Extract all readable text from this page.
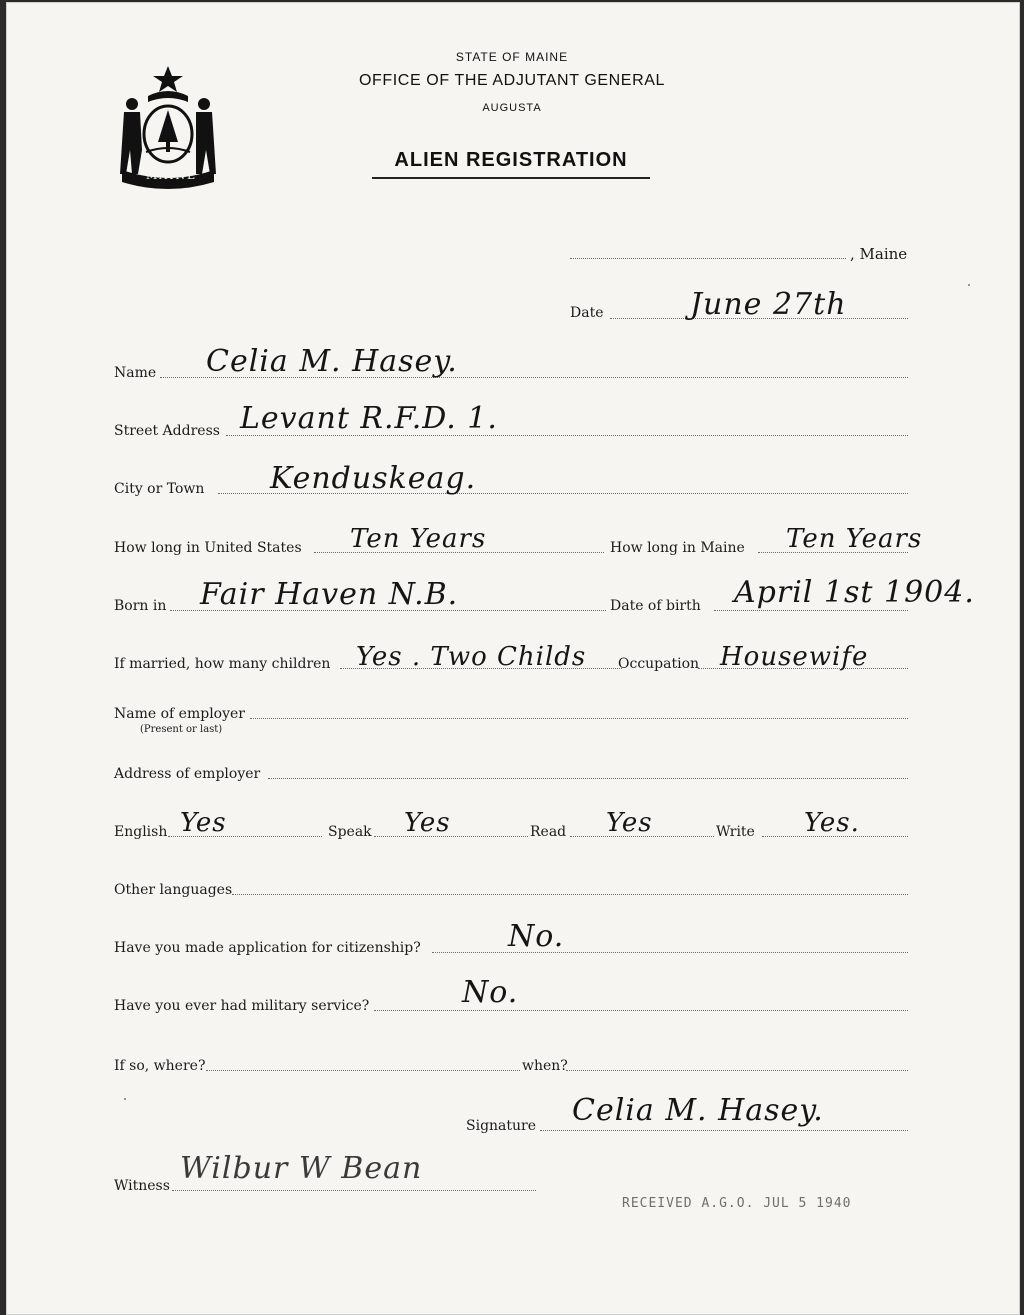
MAINE
STATE OF MAINE
OFFICE OF THE ADJUTANT GENERAL
AUGUSTA
ALIEN REGISTRATION
, Maine
Date	June 27th
Name Celia M. Hasey.
Street Address Levant R.F.D. 1.
City or Town Kenduskeag.
How long in United States Ten Years	How long in Maine Ten Years
Born in Fair Haven N.B.	Date of birth April 1st 1904.
If married, how many children Yes . Two Childs Occupation Housewife
Name of employer
(Present or last)
Address of employer
English Yes	Speak Yes	Read Yes	Write Yes.
Other languages
Have you made application for citizenship?	No.
Have you ever had military service?	No.
If so, where?	when?
Signature Celia M. Hasey.
Witness Wilbur W Bean
RECEIVED A.G.O. JUL 5 1940
